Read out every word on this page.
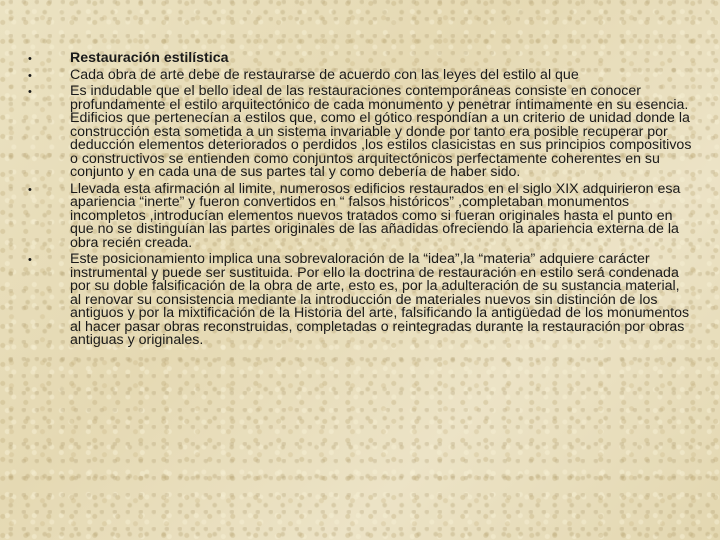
•	Restauración estilística
•	Cada obra de arte debe de restaurarse de acuerdo con las leyes del estilo al que
•	Es indudable que el bello ideal de las restauraciones contemporáneas consiste en conocer profundamente el estilo arquitectónico de cada monumento y penetrar íntimamente en su esencia. Edificios que pertenecían a estilos que, como el gótico respondían a un criterio de unidad donde la construcción esta sometida a un sistema invariable y donde por tanto era posible recuperar por deducción elementos deteriorados o perdidos ,los estilos clasicistas en sus principios compositivos o constructivos se entienden como conjuntos arquitectónicos perfectamente coherentes en su conjunto y en cada una de sus partes tal y como debería de haber sido.
•	Llevada esta afirmación al limite, numerosos edificios restaurados en el siglo XIX adquirieron esa apariencia “inerte” y fueron convertidos en “ falsos históricos” ,completaban monumentos incompletos ,introducían elementos nuevos tratados como si fueran originales hasta el punto en que no se distinguían las partes originales de las añadidas ofreciendo la apariencia externa de la obra recién creada.
•	Este posicionamiento implica una sobrevaloración de la “idea”,la “materia” adquiere carácter instrumental y puede ser sustituida. Por ello la doctrina de restauración en estilo será condenada por su doble falsificación de la obra de arte, esto es, por la adulteración de su sustancia material, al renovar su consistencia mediante la introducción de materiales nuevos sin distinción de los antiguos y por la mixtificación de la Historia del arte, falsificando la antigüedad de los monumentos al hacer pasar obras reconstruidas, completadas o reintegradas durante la restauración por obras antiguas y originales.
